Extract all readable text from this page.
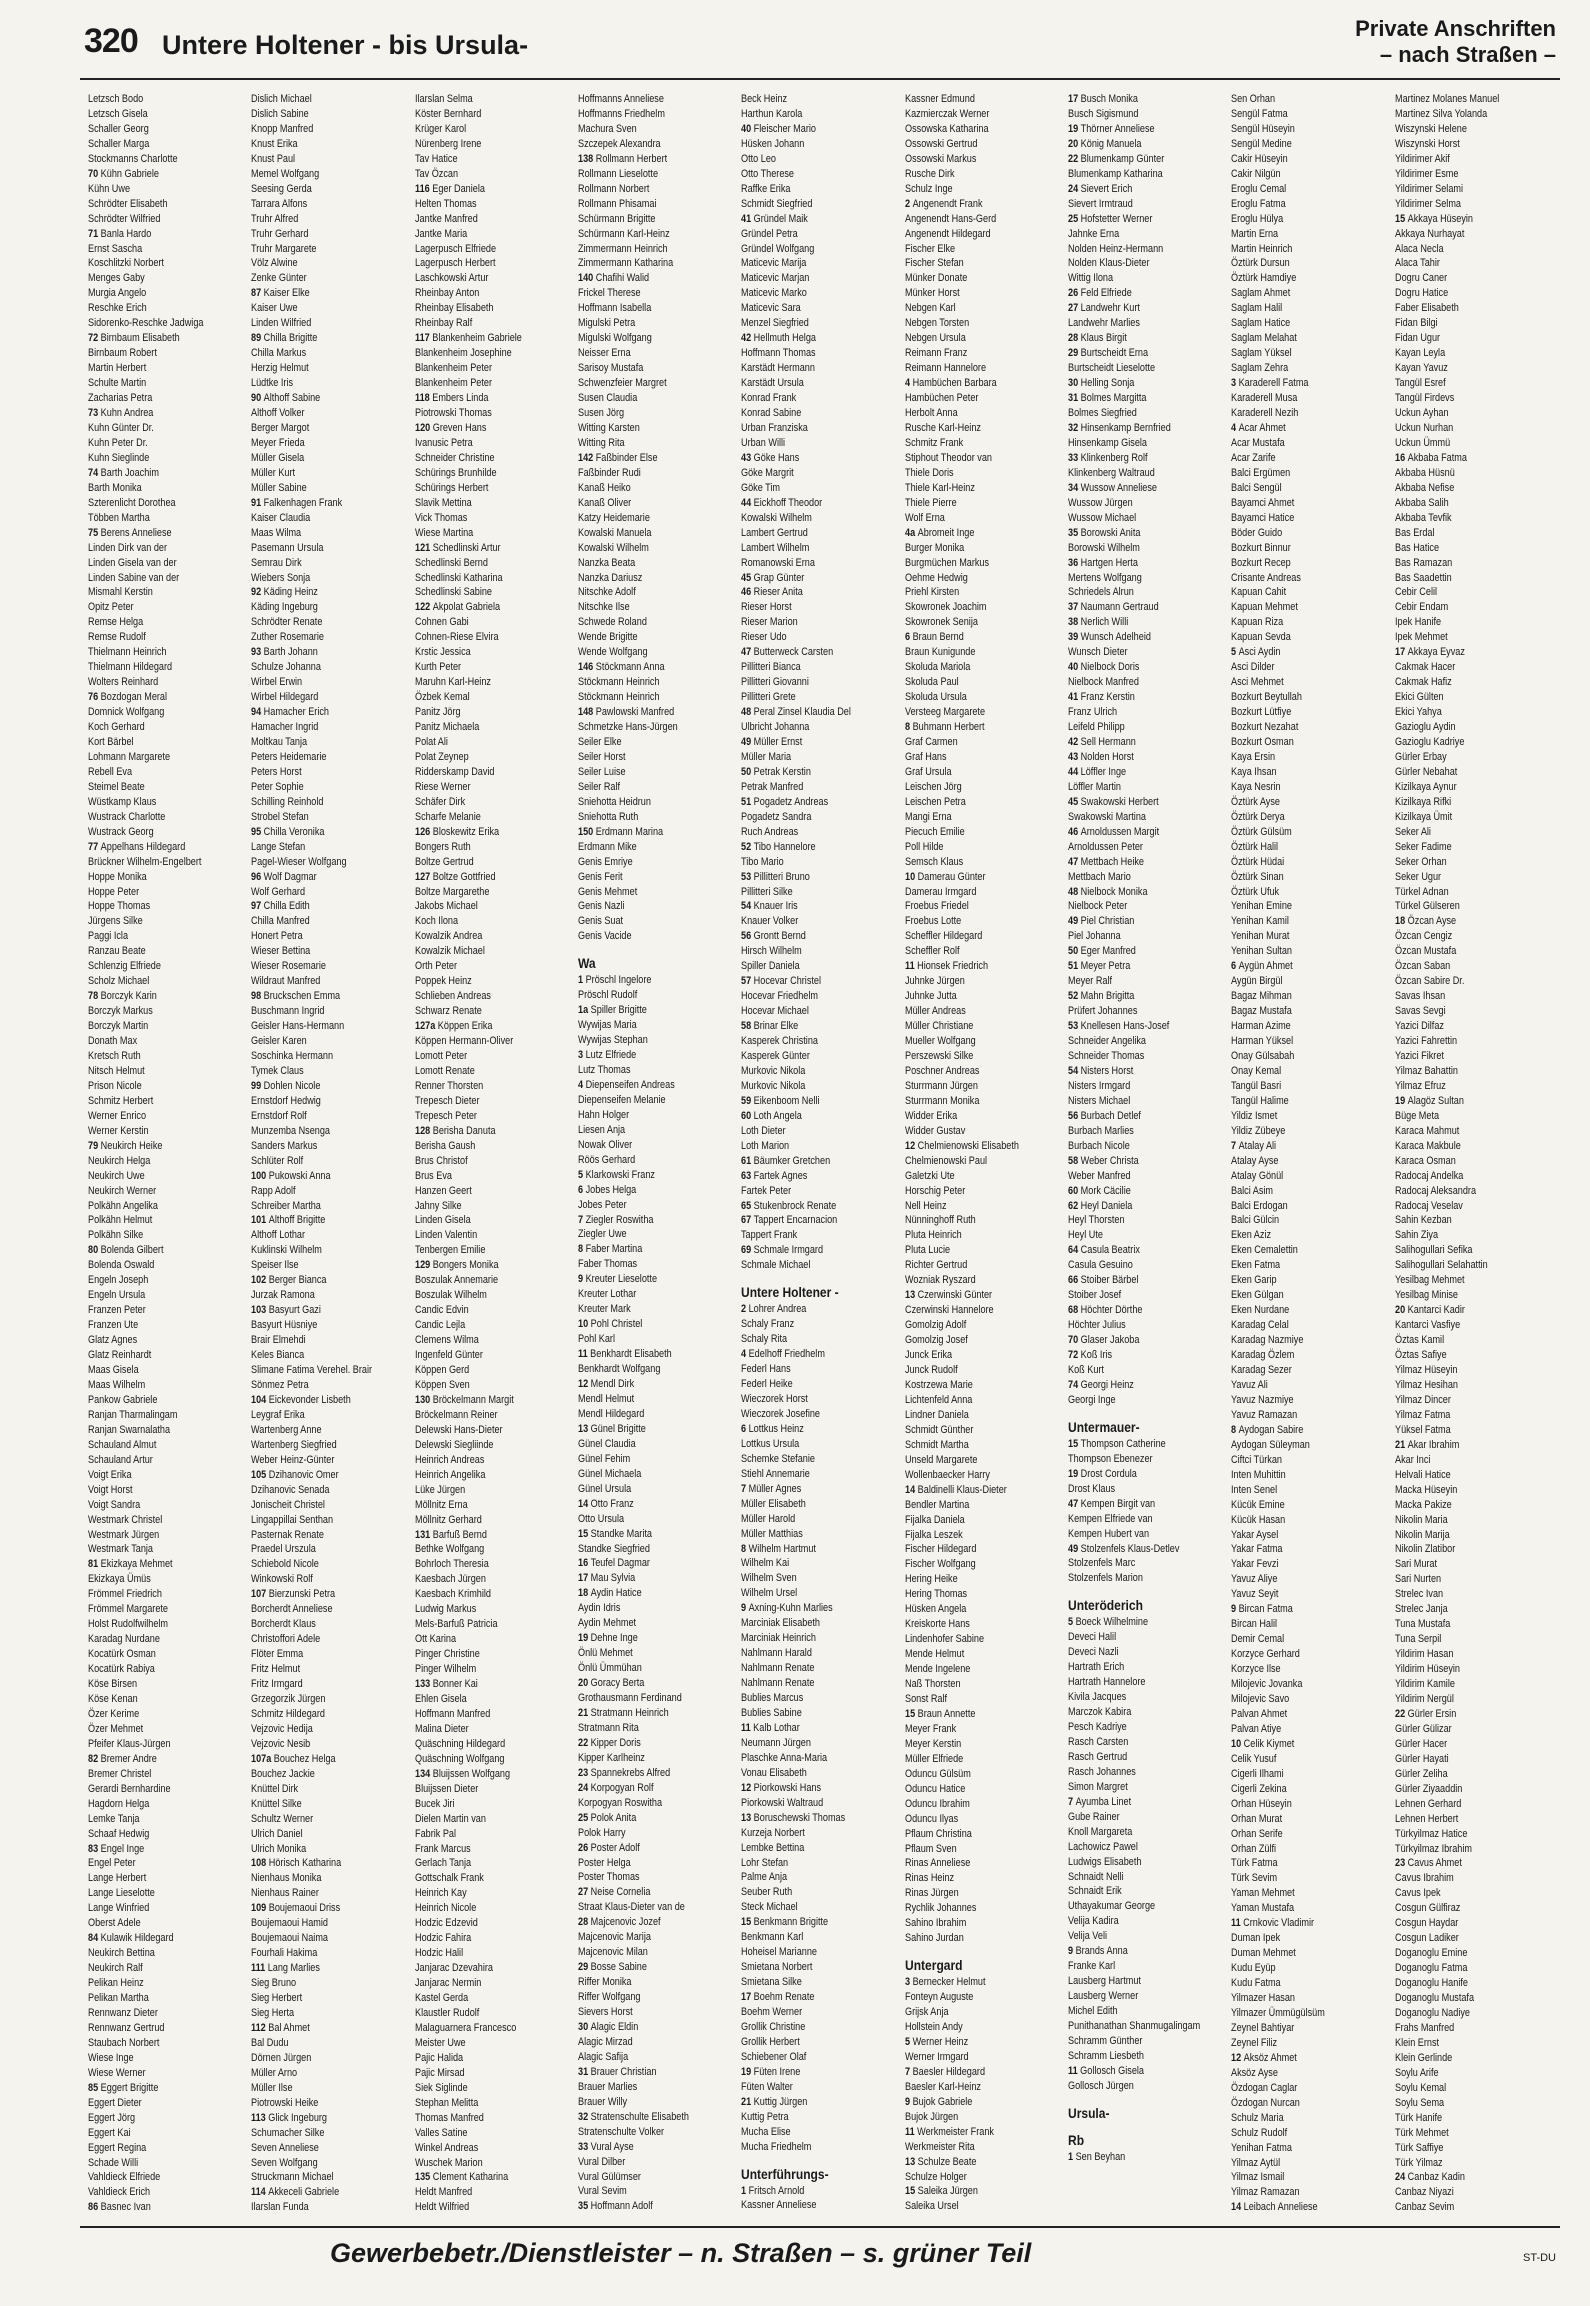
320 Untere Holtener - bis Ursula-
Private Anschriften
– nach Straßen –
Letzsch Bodo
Letzsch Gisela
Schaller Georg
Schaller Marga
Stockmanns Charlotte
70 Kühn Gabriele
Kühn Uwe
Schrödter Elisabeth
Schrödter Wilfried
71 Banla Hardo
Ernst Sascha
Koschlitzki Norbert
Menges Gaby
Murgia Angelo
Reschke Erich
Sidorenko-Reschke Jadwiga
72 Birnbaum Elisabeth
Birnbaum Robert
Martin Herbert
Schulte Martin
Zacharias Petra
73 Kuhn Andrea
Kuhn Günter Dr.
Kuhn Peter Dr.
Kuhn Sieglinde
74 Barth Joachim
Barth Monika
Szterenlicht Dorothea
Többen Martha
75 Berens Anneliese
Linden Dirk van der
Linden Gisela van der
Linden Sabine van der
Mismahl Kerstin
Opitz Peter
Remse Helga
Remse Rudolf
Thielmann Heinrich
Thielmann Hildegard
Wolters Reinhard
76 Bozdogan Meral
Domnick Wolfgang
Koch Gerhard
Kort Bärbel
Lohmann Margarete
Rebell Eva
Steimel Beate
Wüstkamp Klaus
Wustrack Charlotte
Wustrack Georg
77 Appelhans Hildegard
Brückner Wilhelm-Engelbert
Hoppe Monika
Hoppe Peter
Hoppe Thomas
Jürgens Silke
Paggi Icla
Ranzau Beate
Schlenzig Elfriede
Scholz Michael
78 Borczyk Karin
Borczyk Markus
Borczyk Martin
Donath Max
Kretsch Ruth
Nitsch Helmut
Prison Nicole
Schmitz Herbert
Werner Enrico
Werner Kerstin
79 Neukirch Heike
Neukirch Helga
Neukirch Uwe
Neukirch Werner
Polkähn Angelika
Polkähn Helmut
Polkähn Silke
80 Bolenda Gilbert
Bolenda Oswald
Engeln Joseph
Engeln Ursula
Franzen Peter
Franzen Ute
Glatz Agnes
Glatz Reinhardt
Maas Gisela
Maas Wilhelm
Pankow Gabriele
Ranjan Tharmalingam
Ranjan Swarnalatha
Schauland Almut
Schauland Artur
Voigt Erika
Voigt Horst
Voigt Sandra
Westmark Christel
Westmark Jürgen
Westmark Tanja
81 Ekizkaya Mehmet
Ekizkaya Ümüs
Frömmel Friedrich
Frömmel Margarete
Holst Rudolfwilhelm
Karadag Nurdane
Kocatürk Osman
Kocatürk Rabiya
Köse Birsen
Köse Kenan
Özer Kerime
Özer Mehmet
Pfeifer Klaus-Jürgen
82 Bremer Andre
Bremer Christel
Gerardi Bernhardine
Hagdorn Helga
Lemke Tanja
Schaaf Hedwig
83 Engel Inge
Engel Peter
Lange Herbert
Lange Lieselotte
Lange Winfried
Oberst Adele
84 Kulawik Hildegard
Neukirch Bettina
Neukirch Ralf
Pelikan Heinz
Pelikan Martha
Rennwanz Dieter
Rennwanz Gertrud
Staubach Norbert
Wiese Inge
Wiese Werner
85 Eggert Brigitte
Eggert Dieter
Eggert Jörg
Eggert Kai
Eggert Regina
Schade Willi
Vahldieck Elfriede
Vahldieck Erich
86 Basnec Ivan
Dislich Michael
Dislich Sabine
Knopp Manfred
Knust Erika
Knust Paul
Memel Wolfgang
Seesing Gerda
Tarrara Alfons
Truhr Alfred
Truhr Gerhard
Truhr Margarete
Völz Alwine
Zenke Günter
87 Kaiser Elke
Kaiser Uwe
Linden Wilfried
89 Chilla Brigitte
Chilla Markus
Herzig Helmut
Lüdtke Iris
90 Althoff Sabine
Althoff Volker
Berger Margot
Meyer Frieda
Müller Gisela
Müller Kurt
Müller Sabine
91 Falkenhagen Frank
Kaiser Claudia
Maas Wilma
Pasemann Ursula
Semrau Dirk
Wiebers Sonja
92 Käding Heinz
Käding Ingeburg
Schrödter Renate
Zuther Rosemarie
93 Barth Johann
Schulze Johanna
Wirbel Erwin
Wirbel Hildegard
94 Hamacher Erich
Hamacher Ingrid
Moltkau Tanja
Peters Heidemarie
Peters Horst
Peter Sophie
Schilling Reinhold
Strobel Stefan
95 Chilla Veronika
Lange Stefan
Pagel-Wieser Wolfgang
96 Wolf Dagmar
Wolf Gerhard
97 Chilla Edith
Chilla Manfred
Honert Petra
Wieser Bettina
Wieser Rosemarie
Wildraut Manfred
98 Bruckschen Emma
Buschmann Ingrid
Geisler Hans-Hermann
Geisler Karen
Soschinka Hermann
Tymek Claus
99 Dohlen Nicole
Ernstdorf Hedwig
Ernstdorf Rolf
Munzemba Nsenga
Sanders Markus
Schlüter Rolf
100 Pukowski Anna
Rapp Adolf
Schreiber Martha
101 Althoff Brigitte
Althoff Lothar
Kuklinski Wilhelm
Speiser Ilse
102 Berger Bianca
Jurzak Ramona
103 Basyurt Gazi
Basyurt Hüsniye
Brair Elmehdi
Keles Bianca
Slimane Fatima Verehel. Brair
Sönmez Petra
104 Eickevonder Lisbeth
Leygraf Erika
Wartenberg Anne
Wartenberg Siegfried
Weber Heinz-Günter
105 Dzihanovic Omer
Dzihanovic Senada
Jonischeit Christel
Lingappillai Senthan
Pasternak Renate
Praedel Urszula
Schiebold Nicole
Winkowski Rolf
107 Bierzunski Petra
Borcherdt Anneliese
Borcherdt Klaus
Christoffori Adele
Flöter Emma
Fritz Helmut
Fritz Irmgard
Grzegorzik Jürgen
Schmitz Hildegard
Vejzovic Hedija
Vejzovic Nesib
107a Bouchez Helga
Bouchez Jackie
Knüttel Dirk
Knüttel Silke
Schultz Werner
Ulrich Daniel
Ulrich Monika
108 Hörisch Katharina
Nienhaus Monika
Nienhaus Rainer
109 Boujemaoui Driss
Boujemaoui Hamid
Boujemaoui Naima
Fourhali Hakima
111 Lang Marlies
Sieg Bruno
Sieg Herbert
Sieg Herta
112 Bal Ahmet
Bal Dudu
Dörnen Jürgen
Müller Arno
Müller Ilse
Piotrowski Heike
113 Glick Ingeburg
Schumacher Silke
Seven Anneliese
Seven Wolfgang
Struckmann Michael
114 Akkeceli Gabriele
Ilarslan Funda
Ilarslan Selma
Köster Bernhard
Krüger Karol
Nürenberg Irene
Tav Hatice
Tav Özcan
116 Eger Daniela
Helten Thomas
Jantke Manfred
Jantke Maria
Lagerpusch Elfriede
Lagerpusch Herbert
Laschkowski Artur
Rheinbay Anton
Rheinbay Elisabeth
Rheinbay Ralf
117 Blankenheim Gabriele
Blankenheim Josephine
Blankenheim Peter
Blankenheim Peter
118 Embers Linda
Piotrowski Thomas
120 Greven Hans
Ivanusic Petra
Schneider Christine
Schürings Brunhilde
Schürings Herbert
Slavik Mettina
Vick Thomas
Wiese Martina
121 Schedlinski Artur
Schedlinski Bernd
Schedlinski Katharina
Schedlinski Sabine
122 Akpolat Gabriela
Cohnen Gabi
Cohnen-Riese Elvira
Krstic Jessica
Kurth Peter
Maruhn Karl-Heinz
Özbek Kemal
Panitz Jörg
Panitz Michaela
Polat Ali
Polat Zeynep
Ridderskamp David
Riese Werner
Schäfer Dirk
Scharfe Melanie
126 Bloskewitz Erika
Bongers Ruth
Boltze Gertrud
127 Boltze Gottfried
Boltze Margarethe
Jakobs Michael
Koch Ilona
Kowalzik Andrea
Kowalzik Michael
Orth Peter
Poppek Heinz
Schlieben Andreas
Schwarz Renate
127a Köppen Erika
Köppen Hermann-Oliver
Lomott Peter
Lomott Renate
Renner Thorsten
Trepesch Dieter
Trepesch Peter
128 Berisha Danuta
Berisha Gaush
Brus Christof
Brus Eva
Hanzen Geert
Jahny Silke
Linden Gisela
Linden Valentin
Tenbergen Emilie
129 Bongers Monika
Boszulak Annemarie
Boszulak Wilhelm
Candic Edvin
Candic Lejla
Clemens Wilma
Ingenfeld Günter
Köppen Gerd
Köppen Sven
130 Bröckelmann Margit
Bröckelmann Reiner
Delewski Hans-Dieter
Delewski Siegliinde
Heinrich Andreas
Heinrich Angelika
Lüke Jürgen
Möllnitz Erna
Möllnitz Gerhard
131 Barfuß Bernd
Bethke Wolfgang
Bohrloch Theresia
Kaesbach Jürgen
Kaesbach Krimhild
Ludwig Markus
Mels-Barfuß Patricia
Ott Karina
Pinger Christine
Pinger Wilhelm
133 Bonner Kai
Ehlen Gisela
Hoffmann Manfred
Malina Dieter
Quäschning Hildegard
Quäschning Wolfgang
134 Bluijssen Wolfgang
Bluijssen Dieter
Bucek Jiri
Dielen Martin van
Fabrik Pal
Frank Marcus
Gerlach Tanja
Gottschalk Frank
Heinrich Kay
Heinrich Nicole
Hodzic Edzevid
Hodzic Fahira
Hodzic Halil
Janjarac Dzevahira
Janjarac Nermin
Kastel Gerda
Klaustler Rudolf
Malaguarnera Francesco
Meister Uwe
Pajic Halida
Pajic Mirsad
Siek Siglinde
Stephan Melitta
Thomas Manfred
Valles Satine
Winkel Andreas
Wuschek Marion
135 Clement Katharina
Heldt Manfred
Heldt Wilfried
Hoffmanns Anneliese
Hoffmanns Friedhelm
Machura Sven
Szczepek Alexandra
138 Rollmann Herbert
Rollmann Lieselotte
Rollmann Norbert
Rollmann Phisamai
Schürmann Brigitte
Schürmann Karl-Heinz
Zimmermann Heinrich
Zimmermann Katharina
140 Chafihi Walid
Frickel Therese
Hoffmann Isabella
Migulski Petra
Migulski Wolfgang
Neisser Erna
Sarisoy Mustafa
Schwenzfeier Margret
Susen Claudia
Susen Jörg
Witting Karsten
Witting Rita
142 Faßbinder Else
Faßbinder Rudi
Kanaß Heiko
Kanaß Oliver
Katzy Heidemarie
Kowalski Manuela
Kowalski Wilhelm
Nanzka Beata
Nanzka Dariusz
Nitschke Adolf
Nitschke Ilse
Schwede Roland
Wende Brigitte
Wende Wolfgang
146 Stöckmann Anna
Stöckmann Heinrich
Stöckmann Heinrich
148 Pawlowski Manfred
Schmetzke Hans-Jürgen
Seiler Elke
Seiler Horst
Seiler Luise
Seiler Ralf
Sniehotta Heidrun
Sniehotta Ruth
150 Erdmann Marina
Erdmann Mike
Genis Emriye
Genis Ferit
Genis Mehmet
Genis Nazli
Genis Suat
Genis Vacide
Wa
1 Pröschl Ingelore
Pröschl Rudolf
1a Spiller Brigitte
Wywijas Maria
Wywijas Stephan
3 Lutz Elfriede
Lutz Thomas
4 Diepenseifen Andreas
Diepenseifen Melanie
Hahn Holger
Liesen Anja
Nowak Oliver
Röös Gerhard
5 Klarkowski Franz
6 Jobes Helga
Jobes Peter
7 Ziegler Roswitha
Ziegler Uwe
8 Faber Martina
Faber Thomas
9 Kreuter Lieselotte
Kreuter Lothar
Kreuter Mark
10 Pohl Christel
Pohl Karl
11 Benkhardt Elisabeth
Benkhardt Wolfgang
12 Mendl Dirk
Mendl Helmut
Mendl Hildegard
13 Günel Brigitte
Günel Claudia
Günel Fehim
Günel Michaela
Günel Ursula
14 Otto Franz
Otto Ursula
15 Standke Marita
Standke Siegfried
16 Teufel Dagmar
17 Mau Sylvia
18 Aydin Hatice
Aydin Idris
Aydin Mehmet
19 Dehne Inge
Önlü Mehmet
Önlü Ümmühan
20 Goracy Berta
Grothausmann Ferdinand
21 Stratmann Heinrich
Stratmann Rita
22 Kipper Doris
Kipper Karlheinz
23 Spannekrebs Alfred
24 Korpogyan Rolf
Korpogyan Roswitha
25 Polok Anita
Polok Harry
26 Poster Adolf
Poster Helga
Poster Thomas
27 Neise Cornelia
Straat Klaus-Dieter van de
28 Majcenovic Jozef
Majcenovic Marija
Majcenovic Milan
29 Bosse Sabine
Riffer Monika
Riffer Wolfgang
Sievers Horst
30 Alagic Eldin
Alagic Mirzad
Alagic Safija
31 Brauer Christian
Brauer Marlies
Brauer Willy
32 Stratenschulte Elisabeth
Stratenschulte Volker
33 Vural Ayse
Vural Dilber
Vural Gülümser
Vural Sevim
35 Hoffmann Adolf
Beck Heinz
Harthun Karola
40 Fleischer Mario
Hüsken Johann
Otto Leo
Otto Therese
Raffke Erika
Schmidt Siegfried
41 Gründel Maik
Gründel Petra
Gründel Wolfgang
Maticevic Marija
Maticevic Marjan
Maticevic Marko
Maticevic Sara
Menzel Siegfried
42 Hellmuth Helga
Hoffmann Thomas
Karstädt Hermann
Karstädt Ursula
Konrad Frank
Konrad Sabine
Urban Franziska
Urban Willi
43 Göke Hans
Göke Margrit
Göke Tim
44 Eickhoff Theodor
Kowalski Wilhelm
Lambert Gertrud
Lambert Wilhelm
Romanowski Erna
45 Grap Günter
46 Rieser Anita
Rieser Horst
Rieser Marion
Rieser Udo
47 Butterweck Carsten
Pillitteri Bianca
Pillitteri Giovanni
Pillitteri Grete
48 Peral Zinsel Klaudia Del
Ulbricht Johanna
49 Müller Ernst
Müller Maria
50 Petrak Kerstin
Petrak Manfred
51 Pogadetz Andreas
Pogadetz Sandra
Ruch Andreas
52 Tibo Hannelore
Tibo Mario
53 Pillitteri Bruno
Pillitteri Silke
54 Knauer Iris
Knauer Volker
56 Grontt Bernd
Hirsch Wilhelm
Spiller Daniela
57 Hocevar Christel
Hocevar Friedhelm
Hocevar Michael
58 Brinar Elke
Kasperek Christina
Kasperek Günter
Murkovic Nikola
Murkovic Nikola
59 Eikenboom Nelli
60 Loth Angela
Loth Dieter
Loth Marion
61 Bäumker Gretchen
63 Fartek Agnes
Fartek Peter
65 Stukenbrock Renate
67 Tappert Encarnacion
Tappert Frank
69 Schmale Irmgard
Schmale Michael
Untere Holtener -
2 Lohrer Andrea
Schaly Franz
Schaly Rita
4 Edelhoff Friedhelm
Federl Hans
Federl Heike
Wieczorek Horst
Wieczorek Josefine
6 Lottkus Heinz
Lottkus Ursula
Schemke Stefanie
Stiehl Annemarie
7 Müller Agnes
Müller Elisabeth
Müller Harold
Müller Matthias
8 Wilhelm Hartmut
Wilhelm Kai
Wilhelm Sven
Wilhelm Ursel
9 Axning-Kuhn Marlies
Marciniak Elisabeth
Marciniak Heinrich
Nahlmann Harald
Nahlmann Renate
Nahlmann Renate
Bublies Marcus
Bublies Sabine
11 Kalb Lothar
Neumann Jürgen
Plaschke Anna-Maria
Vonau Elisabeth
12 Piorkowski Hans
Piorkowski Waltraud
13 Boruschewski Thomas
Kurzeja Norbert
Lembke Bettina
Lohr Stefan
Palme Anja
Seuber Ruth
Steck Michael
15 Benkmann Brigitte
Benkmann Karl
Hoheisel Marianne
Smietana Norbert
Smietana Silke
17 Boehm Renate
Boehm Werner
Grollik Christine
Grollik Herbert
Schiebener Olaf
19 Füten Irene
Füten Walter
21 Kuttig Jürgen
Kuttig Petra
Mucha Elise
Mucha Friedhelm
Unterführungs-
1 Fritsch Arnold
Kassner Anneliese
Kassner Edmund
Kazmierczak Werner
Ossowska Katharina
Ossowski Gertrud
Ossowski Markus
Rusche Dirk
Schulz Inge
2 Angenendt Frank
Angenendt Hans-Gerd
Angenendt Hildegard
Fischer Elke
Fischer Stefan
Münker Donate
Münker Horst
Nebgen Karl
Nebgen Torsten
Nebgen Ursula
Reimann Franz
Reimann Hannelore
4 Hambüchen Barbara
Hambüchen Peter
Herbolt Anna
Rusche Karl-Heinz
Schmitz Frank
Stiphout Theodor van
Thiele Doris
Thiele Karl-Heinz
Thiele Pierre
Wolf Erna
4a Abromeit Inge
Burger Monika
Burgmüchen Markus
Oehme Hedwig
Priehl Kirsten
Skowronek Joachim
Skowronek Senija
6 Braun Bernd
Braun Kunigunde
Skoluda Mariola
Skoluda Paul
Skoluda Ursula
Versteeg Margarete
8 Buhmann Herbert
Graf Carmen
Graf Hans
Graf Ursula
Leischen Jörg
Leischen Petra
Mangi Erna
Piecuch Emilie
Poll Hilde
Semsch Klaus
10 Damerau Günter
Damerau Irmgard
Froebus Friedel
Froebus Lotte
Scheffler Hildegard
Scheffler Rolf
11 Hionsek Friedrich
Juhnke Jürgen
Juhnke Jutta
Müller Andreas
Müller Christiane
Mueller Wolfgang
Perszewski Silke
Poschner Andreas
Sturrmann Jürgen
Sturrmann Monika
Widder Erika
Widder Gustav
12 Chelmienowski Elisabeth
Chelmienowski Paul
Galetzki Ute
Horschig Peter
Nell Heinz
Nünninghoff Ruth
Pluta Heinrich
Pluta Lucie
Richter Gertrud
Wozniak Ryszard
13 Czerwinski Günter
Czerwinski Hannelore
Gomolzig Adolf
Gomolzig Josef
Junck Erika
Junck Rudolf
Kostrzewa Marie
Lichtenfeld Anna
Lindner Daniela
Schmidt Günther
Schmidt Martha
Unseld Margarete
Wollenbaecker Harry
14 Baldinelli Klaus-Dieter
Bendler Martina
Fijalka Daniela
Fijalka Leszek
Fischer Hildegard
Fischer Wolfgang
Hering Heike
Hering Thomas
Hüsken Angela
Kreiskorte Hans
Lindenhofer Sabine
Mende Helmut
Mende Ingelene
Naß Thorsten
Sonst Ralf
15 Braun Annette
Meyer Frank
Meyer Kerstin
Müller Elfriede
Oduncu Gülsüm
Oduncu Hatice
Oduncu Ibrahim
Oduncu Ilyas
Pflaum Christina
Pflaum Sven
Rinas Anneliese
Rinas Heinz
Rinas Jürgen
Rychlik Johannes
Sahino Ibrahim
Sahino Jurdan
Untergard
3 Bernecker Helmut
Fonteyn Auguste
Grijsk Anja
Hollstein Andy
5 Werner Heinz
Werner Irmgard
7 Baesler Hildegard
Baesler Karl-Heinz
9 Bujok Gabriele
Bujok Jürgen
11 Werkmeister Frank
Werkmeister Rita
13 Schulze Beate
Schulze Holger
15 Saleika Jürgen
Saleika Ursel
17 Busch Monika
Busch Sigismund
19 Thörner Anneliese
20 König Manuela
22 Blumenkamp Günter
Blumenkamp Katharina
24 Sievert Erich
Sievert Irmtraud
25 Hofstetter Werner
Jahnke Erna
Nolden Heinz-Hermann
Nolden Klaus-Dieter
Wittig Ilona
26 Feld Elfriede
27 Landwehr Kurt
Landwehr Marlies
28 Klaus Birgit
29 Burtscheidt Erna
Burtscheidt Lieselotte
30 Helling Sonja
31 Bolmes Margitta
Bolmes Siegfried
32 Hinsenkamp Bernfried
Hinsenkamp Gisela
33 Klinkenberg Rolf
Klinkenberg Waltraud
34 Wussow Anneliese
Wussow Jürgen
Wussow Michael
35 Borowski Anita
Borowski Wilhelm
36 Hartgen Herta
Mertens Wolfgang
Schriedels Alrun
37 Naumann Gertraud
38 Nerlich Willi
39 Wunsch Adelheid
Wunsch Dieter
40 Nielbock Doris
Nielbock Manfred
41 Franz Kerstin
Franz Ulrich
Leifeld Philipp
42 Sell Hermann
43 Nolden Horst
44 Löffler Inge
Löffler Martin
45 Swakowski Herbert
Swakowski Martina
46 Arnoldussen Margit
Arnoldussen Peter
47 Mettbach Heike
Mettbach Mario
48 Nielbock Monika
Nielbock Peter
49 Piel Christian
Piel Johanna
50 Eger Manfred
51 Meyer Petra
Meyer Ralf
52 Mahn Brigitta
Prüfert Johannes
53 Knellesen Hans-Josef
Schneider Angelika
Schneider Thomas
54 Nisters Horst
Nisters Irmgard
Nisters Michael
56 Burbach Detlef
Burbach Marlies
Burbach Nicole
58 Weber Christa
Weber Manfred
60 Mork Cäcilie
62 Heyl Daniela
Heyl Thorsten
Heyl Ute
64 Casula Beatrix
Casula Gesuino
66 Stoiber Bärbel
Stoiber Josef
68 Höchter Dörthe
Höchter Julius
70 Glaser Jakoba
72 Koß Iris
Koß Kurt
74 Georgi Heinz
Georgi Inge
Untermauer-
15 Thompson Catherine
Thompson Ebenezer
19 Drost Cordula
Drost Klaus
47 Kempen Birgit van
Kempen Elfriede van
Kempen Hubert van
49 Stolzenfels Klaus-Detlev
Stolzenfels Marc
Stolzenfels Marion
Unteröderich
5 Boeck Wilhelmine
Deveci Halil
Deveci Nazli
Hartrath Erich
Hartrath Hannelore
Kivila Jacques
Marczok Kabira
Pesch Kadriye
Rasch Carsten
Rasch Gertrud
Rasch Johannes
Simon Margret
7 Ayumba Linet
Gube Rainer
Knoll Margareta
Lachowicz Pawel
Ludwigs Elisabeth
Schnaidt Nelli
Schnaidt Erik
Uthayakumar George
Velija Kadira
Velija Veli
9 Brands Anna
Franke Karl
Lausberg Hartmut
Lausberg Werner
Michel Edith
Punithanathan Shanmugalingam
Schramm Günther
Schramm Liesbeth
11 Gollosch Gisela
Gollosch Jürgen
Ursula-
Rb
1 Sen Beyhan
Sen Orhan
Sengül Fatma
Sengül Hüseyin
Sengül Medine
Cakir Hüseyin
Cakir Nilgün
Eroglu Cemal
Eroglu Fatma
Eroglu Hülya
Martin Erna
Martin Heinrich
Öztürk Dursun
Öztürk Hamdiye
Saglam Ahmet
Saglam Halil
Saglam Hatice
Saglam Melahat
Saglam Yüksel
Saglam Zehra
3 Karaderell Fatma
Karaderell Musa
Karaderell Nezih
4 Acar Ahmet
Acar Mustafa
Acar Zarife
Balci Ergümen
Balci Sengül
Bayamci Ahmet
Bayamci Hatice
Böder Guido
Bozkurt Binnur
Bozkurt Recep
Crisante Andreas
Kapuan Cahit
Kapuan Mehmet
Kapuan Riza
Kapuan Sevda
5 Asci Aydin
Asci Dilder
Asci Mehmet
Bozkurt Beytullah
Bozkurt Lütfiye
Bozkurt Nezahat
Bozkurt Osman
Kaya Ersin
Kaya Ihsan
Kaya Nesrin
Öztürk Ayse
Öztürk Derya
Öztürk Gülsüm
Öztürk Halil
Öztürk Hüdai
Öztürk Sinan
Öztürk Ufuk
Yenihan Emine
Yenihan Kamil
Yenihan Murat
Yenihan Sultan
6 Aygün Ahmet
Aygün Birgül
Bagaz Mihman
Bagaz Mustafa
Harman Azime
Harman Yüksel
Onay Gülsabah
Onay Kemal
Tangül Basri
Tangül Halime
Yildiz Ismet
Yildiz Zübeye
7 Atalay Ali
Atalay Ayse
Atalay Gönül
Balci Asim
Balci Erdogan
Balci Gülcin
Eken Aziz
Eken Cemalettin
Eken Fatma
Eken Garip
Eken Gülgan
Eken Nurdane
Karadag Celal
Karadag Nazmiye
Karadag Özlem
Karadag Sezer
Yavuz Ali
Yavuz Nazmiye
Yavuz Ramazan
8 Aydogan Sabire
Aydogan Süleyman
Ciftci Türkan
Inten Muhittin
Inten Senel
Kücük Emine
Kücük Hasan
Yakar Aysel
Yakar Fatma
Yakar Fevzi
Yavuz Aliye
Yavuz Seyit
9 Bircan Fatma
Bircan Halil
Demir Cemal
Korzyce Gerhard
Korzyce Ilse
Milojevic Jovanka
Milojevic Savo
Palvan Ahmet
Palvan Atiye
10 Celik Kiymet
Celik Yusuf
Cigerli Ilhami
Cigerli Zekina
Orhan Hüseyin
Orhan Murat
Orhan Serife
Orhan Zülfi
Türk Fatma
Türk Sevim
Yaman Mehmet
Yaman Mustafa
11 Crnkovic Vladimir
Duman Ipek
Duman Mehmet
Kudu Eyüp
Kudu Fatma
Yilmazer Hasan
Yilmazer Ümmügülsüm
Zeynel Bahtiyar
Zeynel Filiz
12 Aksöz Ahmet
Aksöz Ayse
Özdogan Caglar
Özdogan Nurcan
Schulz Maria
Schulz Rudolf
Yenihan Fatma
Yilmaz Aytül
Yilmaz Ismail
Yilmaz Ramazan
14 Leibach Anneliese
Martinez Molanes Manuel
Martinez Silva Yolanda
Wiszynski Helene
Wiszynski Horst
Yildirimer Akif
Yildirimer Esme
Yildirimer Selami
Yildirimer Selma
15 Akkaya Hüseyin
Akkaya Nurhayat
Alaca Necla
Alaca Tahir
Dogru Caner
Dogru Hatice
Faber Elisabeth
Fidan Bilgi
Fidan Ugur
Kayan Leyla
Kayan Yavuz
Tangül Esref
Tangül Firdevs
Uckun Ayhan
Uckun Nurhan
Uckun Ümmü
16 Akbaba Fatma
Akbaba Hüsnü
Akbaba Nefise
Akbaba Salih
Akbaba Tevfik
Bas Erdal
Bas Hatice
Bas Ramazan
Bas Saadettin
Cebir Celil
Cebir Endam
Ipek Hanife
Ipek Mehmet
17 Akkaya Eyvaz
Cakmak Hacer
Cakmak Hafiz
Ekici Gülten
Ekici Yahya
Gazioglu Aydin
Gazioglu Kadriye
Gürler Erbay
Gürler Nebahat
Kizilkaya Aynur
Kizilkaya Rifki
Kizilkaya Ümit
Seker Ali
Seker Fadime
Seker Orhan
Seker Ugur
Türkel Adnan
Türkel Gülseren
18 Özcan Ayse
Özcan Cengiz
Özcan Mustafa
Özcan Saban
Özcan Sabire Dr.
Savas Ihsan
Savas Sevgi
Yazici Dilfaz
Yazici Fahrettin
Yazici Fikret
Yilmaz Bahattin
Yilmaz Efruz
19 Alagöz Sultan
Büge Meta
Karaca Mahmut
Karaca Makbule
Karaca Osman
Radocaj Andelka
Radocaj Aleksandra
Radocaj Veselav
Sahin Kezban
Sahin Ziya
Salihogullari Sefika
Salihogullari Selahattin
Yesilbag Mehmet
Yesilbag Minise
20 Kantarci Kadir
Kantarci Vasfiye
Öztas Kamil
Öztas Safiye
Yilmaz Hüseyin
Yilmaz Hesihan
Yilmaz Dincer
Yilmaz Fatma
Yüksel Fatma
21 Akar Ibrahim
Akar Inci
Helvali Hatice
Macka Hüseyin
Macka Pakize
Nikolin Maria
Nikolin Marija
Nikolin Zlatibor
Sari Murat
Sari Nurten
Strelec Ivan
Strelec Janja
Tuna Mustafa
Tuna Serpil
Yildirim Hasan
Yildirim Hüseyin
Yildirim Kamile
Yildirim Nergül
22 Gürler Ersin
Gürler Gülizar
Gürler Hacer
Gürler Hayati
Gürler Zeliha
Gürler Ziyaaddin
Lehnen Gerhard
Lehnen Herbert
Türkyilmaz Hatice
Türkyilmaz Ibrahim
23 Cavus Ahmet
Cavus Ibrahim
Cavus Ipek
Cosgun Gülfiraz
Cosgun Haydar
Cosgun Ladiker
Doganoglu Emine
Doganoglu Fatma
Doganoglu Hanife
Doganoglu Mustafa
Doganoglu Nadiye
Frahs Manfred
Klein Ernst
Klein Gerlinde
Soylu Arife
Soylu Kemal
Soylu Sema
Türk Hanife
Türk Mehmet
Türk Saffiye
Türk Yilmaz
24 Canbaz Kadin
Canbaz Niyazi
Canbaz Sevim
Gewerbebetr./Dienstleister – n. Straßen – s. grüner Teil	ST-DU
